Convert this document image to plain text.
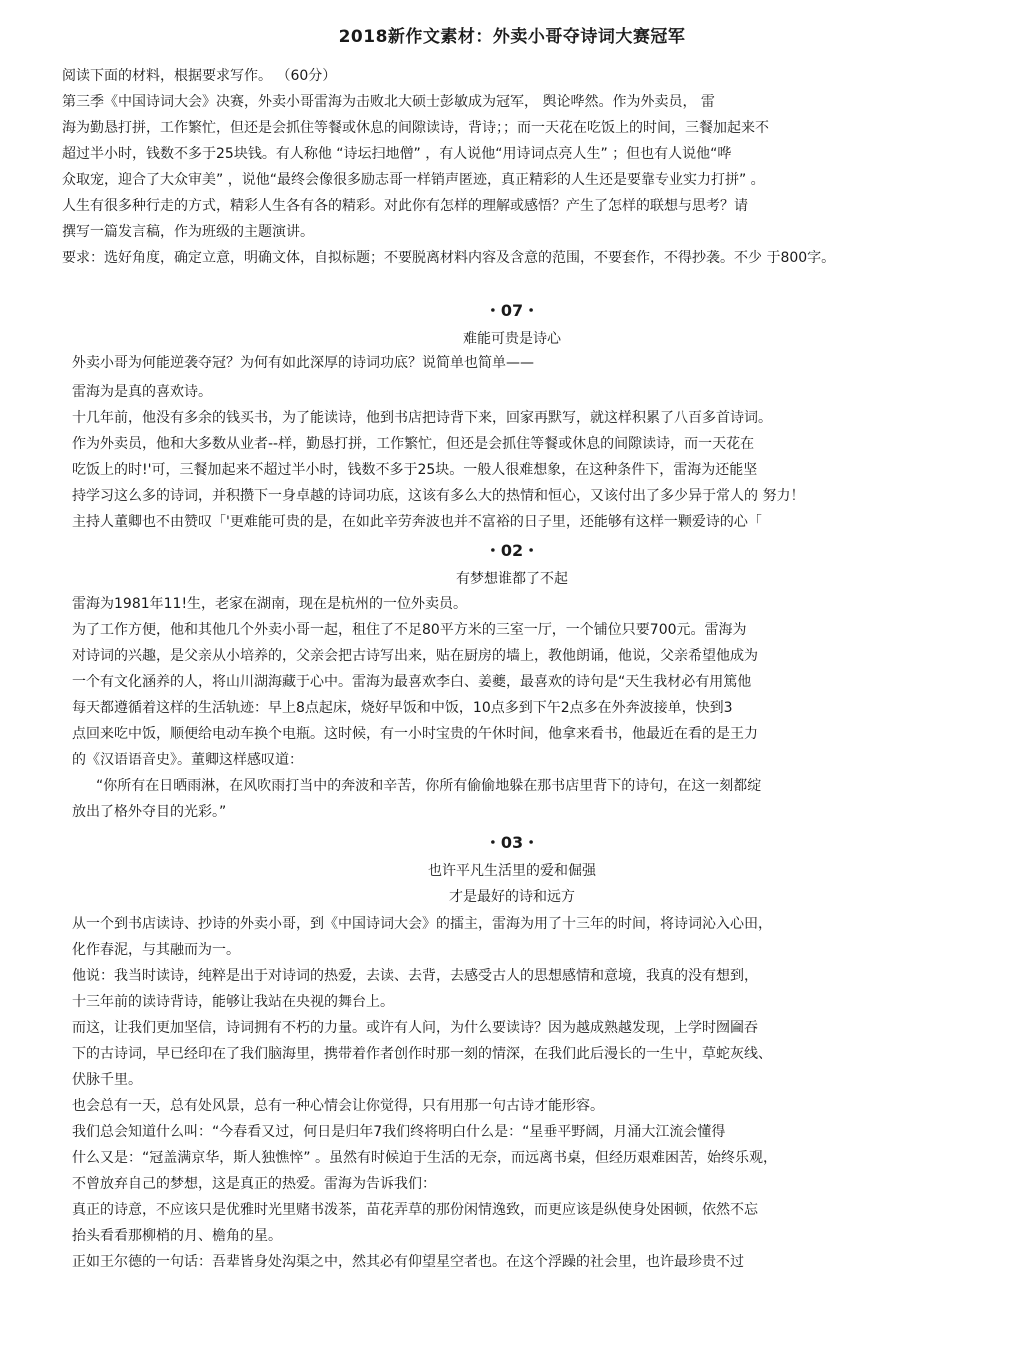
2018新作文素材：外卖小哥夺诗词大赛冠军
阅读下面的材料，根据要求写作。 （60分）
第三季《中国诗词大会》决赛，外卖小哥雷海为击败北大硕士彭敏成为冠军， 舆论哗然。作为外卖员， 雷
海为勤恳打拼，工作繁忙，但还是会抓住等餐或休息的间隙读诗，背诗；；而一天花在吃饭上的时间，三餐加起来不
超过半小时，钱数不多于25块钱。有人称他 “诗坛扫地僧” ，有人说他“用诗词点亮人生” ；但也有人说他“哗
众取宠，迎合了大众审美” ，说他“最终会像很多励志哥一样销声匿迹，真正精彩的人生还是要靠专业实力打拼” 。
人生有很多种行走的方式，精彩人生各有各的精彩。对此你有怎样的理解或感悟？产生了怎样的联想与思考？请
撰写一篇发言稿，作为班级的主题演讲。
要求：选好角度，确定立意，明确文体，自拟标题；不要脱离材料内容及含意的范围，不要套作，不得抄袭。不少 于800字。
・07・
难能可贵是诗心
外卖小哥为何能逆袭夺冠？为何有如此深厚的诗词功底？说简单也简单——
雷海为是真的喜欢诗。
十几年前，他没有多余的钱买书，为了能读诗，他到书店把诗背下来，回家再默写，就这样积累了八百多首诗词。
作为外卖员，他和大多数从业者--样，勤恳打拼，工作繁忙，但还是会抓住等餐或休息的间隙读诗，而一天花在
吃饭上的时!'可，三餐加起来不超过半小时，钱数不多于25块。一般人很难想象，在这种条件下，雷海为还能坚
持学习这么多的诗词，并积攒下一身卓越的诗词功底，这该有多么大的热情和恒心，又该付出了多少异于常人的 努力！
主持人董卿也不由赞叹「'更难能可贵的是，在如此辛劳奔波也并不富裕的日子里，还能够有这样一颗爱诗的心「
・02・
有梦想谁都了不起
雷海为1981年11!生，老家在湖南，现在是杭州的一位外卖员。
为了工作方便，他和其他几个外卖小哥一起，租住了不足80平方米的三室一厅，一个铺位只要700元。雷海为
对诗词的兴趣，是父亲从小培养的，父亲会把古诗写出来，贴在厨房的墙上，教他朗诵，他说，父亲希望他成为
一个有文化涵养的人，将山川湖海藏于心中。雷海为最喜欢李白、姜夔，最喜欢的诗句是“天生我材必有用篤他
每天都遵循着这样的生活轨迹：早上8点起床，烧好早饭和中饭，10点多到下午2点多在外奔波接单，快到3
点回来吃中饭，顺便给电动车换个电瓶。这时候，有一小时宝贵的午休时间，他拿来看书，他最近在看的是王力
的《汉语语音史》。董卿这样感叹道：
“你所有在日晒雨淋，在风吹雨打当中的奔波和辛苦，你所有偷偷地躲在那书店里背下的诗句，在这一刻都绽
放出了格外夺目的光彩。”
・03・
也许平凡生活里的爱和倔强
才是最好的诗和远方
从一个到书店读诗、抄诗的外卖小哥，到《中国诗词大会》的擂主，雷海为用了十三年的时间，将诗词沁入心田，
化作春泥，与其融而为一。
他说：我当时读诗，纯粹是出于对诗词的热爱，去读、去背，去感受古人的思想感情和意境，我真的没有想到，
十三年前的读诗背诗，能够让我站在央视的舞台上。
而这，让我们更加坚信，诗词拥有不朽的力量。或许有人问，为什么要读诗？因为越成熟越发现，上学时囫圇吞
下的古诗词，早已经印在了我们脑海里，携带着作者创作时那一刻的情深，在我们此后漫长的一生屮，草蛇灰线、
伏脉千里。
也会总有一天，总有处风景，总有一种心情会让你觉得，只有用那一句古诗才能形容。
我们总会知道什么叫：“今春看又过，何日是归年7我们终将明白什么是：“星垂平野阔，月涌大江流会懂得
什么又是：“冠盖满京华，斯人独憔悴” 。虽然有时候迫于生活的无奈，而远离书桌，但经历艰难困苦，始终乐观，
不曾放弃自己的梦想，这是真正的热爱。雷海为告诉我们：
真正的诗意，不应该只是优雅时光里赌书泼茶，苗花弄草的那份闲情逸致，而更应该是纵使身处困顿，依然不忘
抬头看看那柳梢的月、檐角的星。
正如王尔德的一句话：吾辈皆身处沟渠之中，然其必有仰望星空者也。在这个浮躁的社会里，也许最珍贵不过
